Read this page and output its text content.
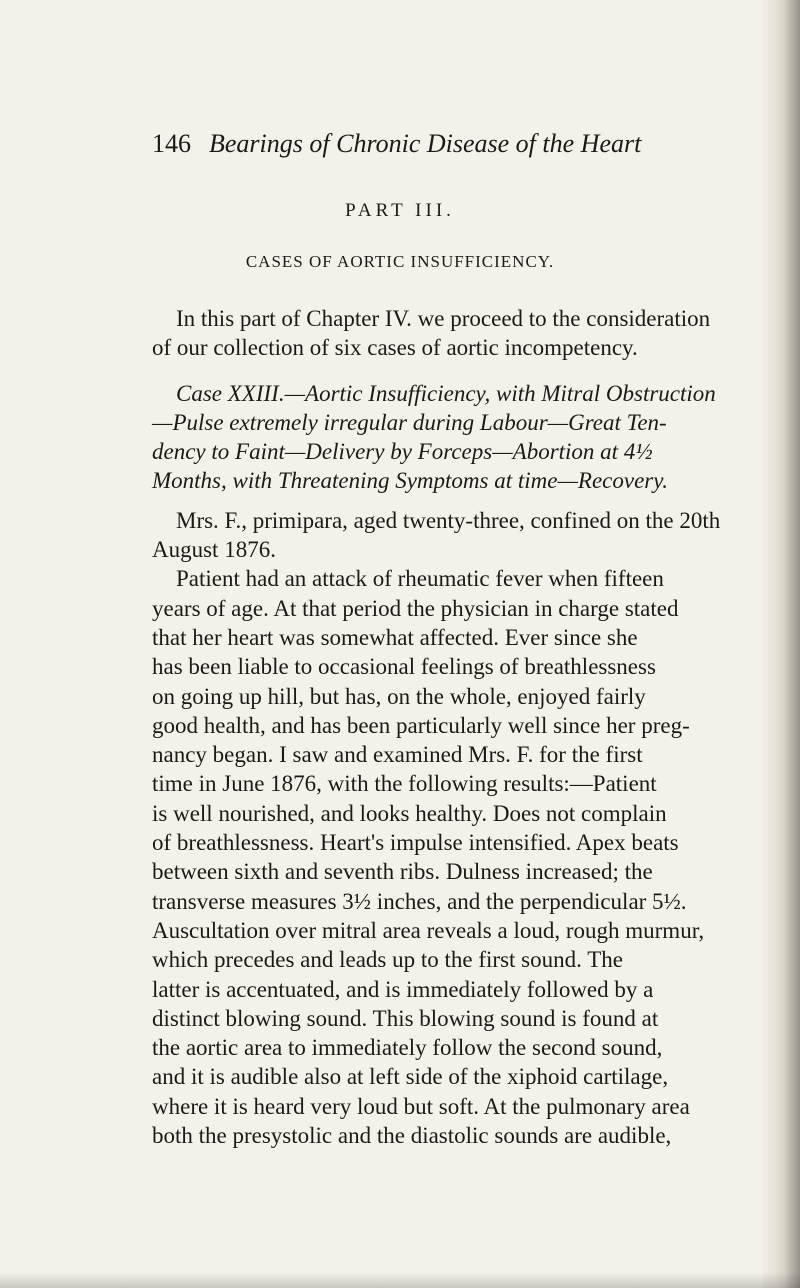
146 Bearings of Chronic Disease of the Heart
PART III.
CASES OF AORTIC INSUFFICIENCY.
In this part of Chapter IV. we proceed to the consideration
of our collection of six cases of aortic incompetency.
Case XXIII.—Aortic Insufficiency, with Mitral Obstruction
—Pulse extremely irregular during Labour—Great Ten-
dency to Faint—Delivery by Forceps—Abortion at 4½
Months, with Threatening Symptoms at time—Recovery.
Mrs. F., primipara, aged twenty-three, confined on the 20th
August 1876.
Patient had an attack of rheumatic fever when fifteen
years of age. At that period the physician in charge stated
that her heart was somewhat affected. Ever since she
has been liable to occasional feelings of breathlessness
on going up hill, but has, on the whole, enjoyed fairly
good health, and has been particularly well since her preg-
nancy began. I saw and examined Mrs. F. for the first
time in June 1876, with the following results:—Patient
is well nourished, and looks healthy. Does not complain
of breathlessness. Heart's impulse intensified. Apex beats
between sixth and seventh ribs. Dulness increased; the
transverse measures 3½ inches, and the perpendicular 5½.
Auscultation over mitral area reveals a loud, rough murmur,
which precedes and leads up to the first sound. The
latter is accentuated, and is immediately followed by a
distinct blowing sound. This blowing sound is found at
the aortic area to immediately follow the second sound,
and it is audible also at left side of the xiphoid cartilage,
where it is heard very loud but soft. At the pulmonary area
both the presystolic and the diastolic sounds are audible,
